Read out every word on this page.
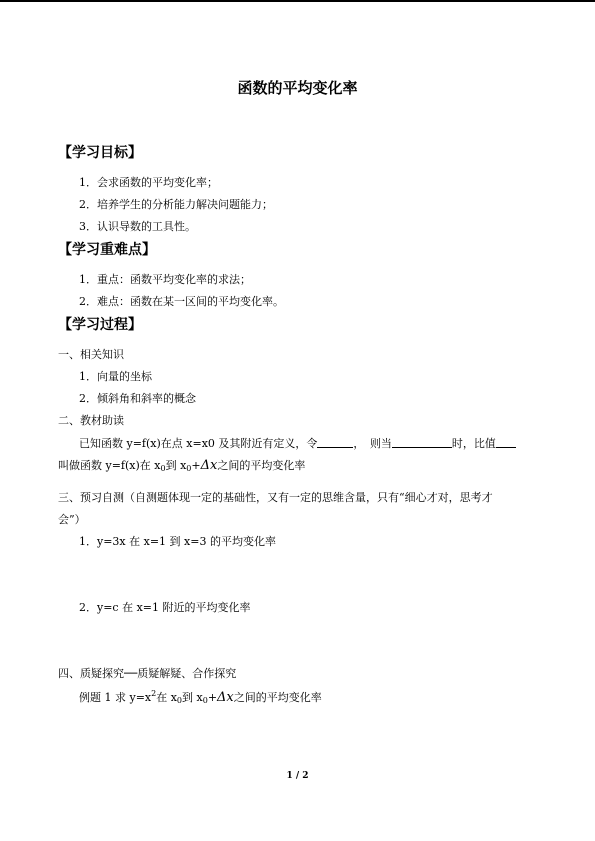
函数的平均变化率
【学习目标】
1．会求函数的平均变化率；
2．培养学生的分析能力解决问题能力；
3．认识导数的工具性。
【学习重难点】
1．重点：函数平均变化率的求法；
2．难点：函数在某一区间的平均变化率。
【学习过程】
一、相关知识
1．向量的坐标
2．倾斜角和斜率的概念
二、教材助读
已知函数 y=f(x)在点 x=x0 及其附近有定义，令	，　则当	时，比值
叫做函数 y=f(x)在 $x_0$到 $x_0+\Delta x$之间的平均变化率
三、预习自测（自测题体现一定的基础性，又有一定的思维含量，只有“细心才对，思考才
会”）
1．y=3x 在 x=1 到 x=3 的平均变化率
2．y=c 在 x=1 附近的平均变化率
四、质疑探究──质疑解疑、合作探究
例题 1 求 $y=x^2$在 $x_0$到 $x_0+\Delta x$之间的平均变化率
1 / 2
